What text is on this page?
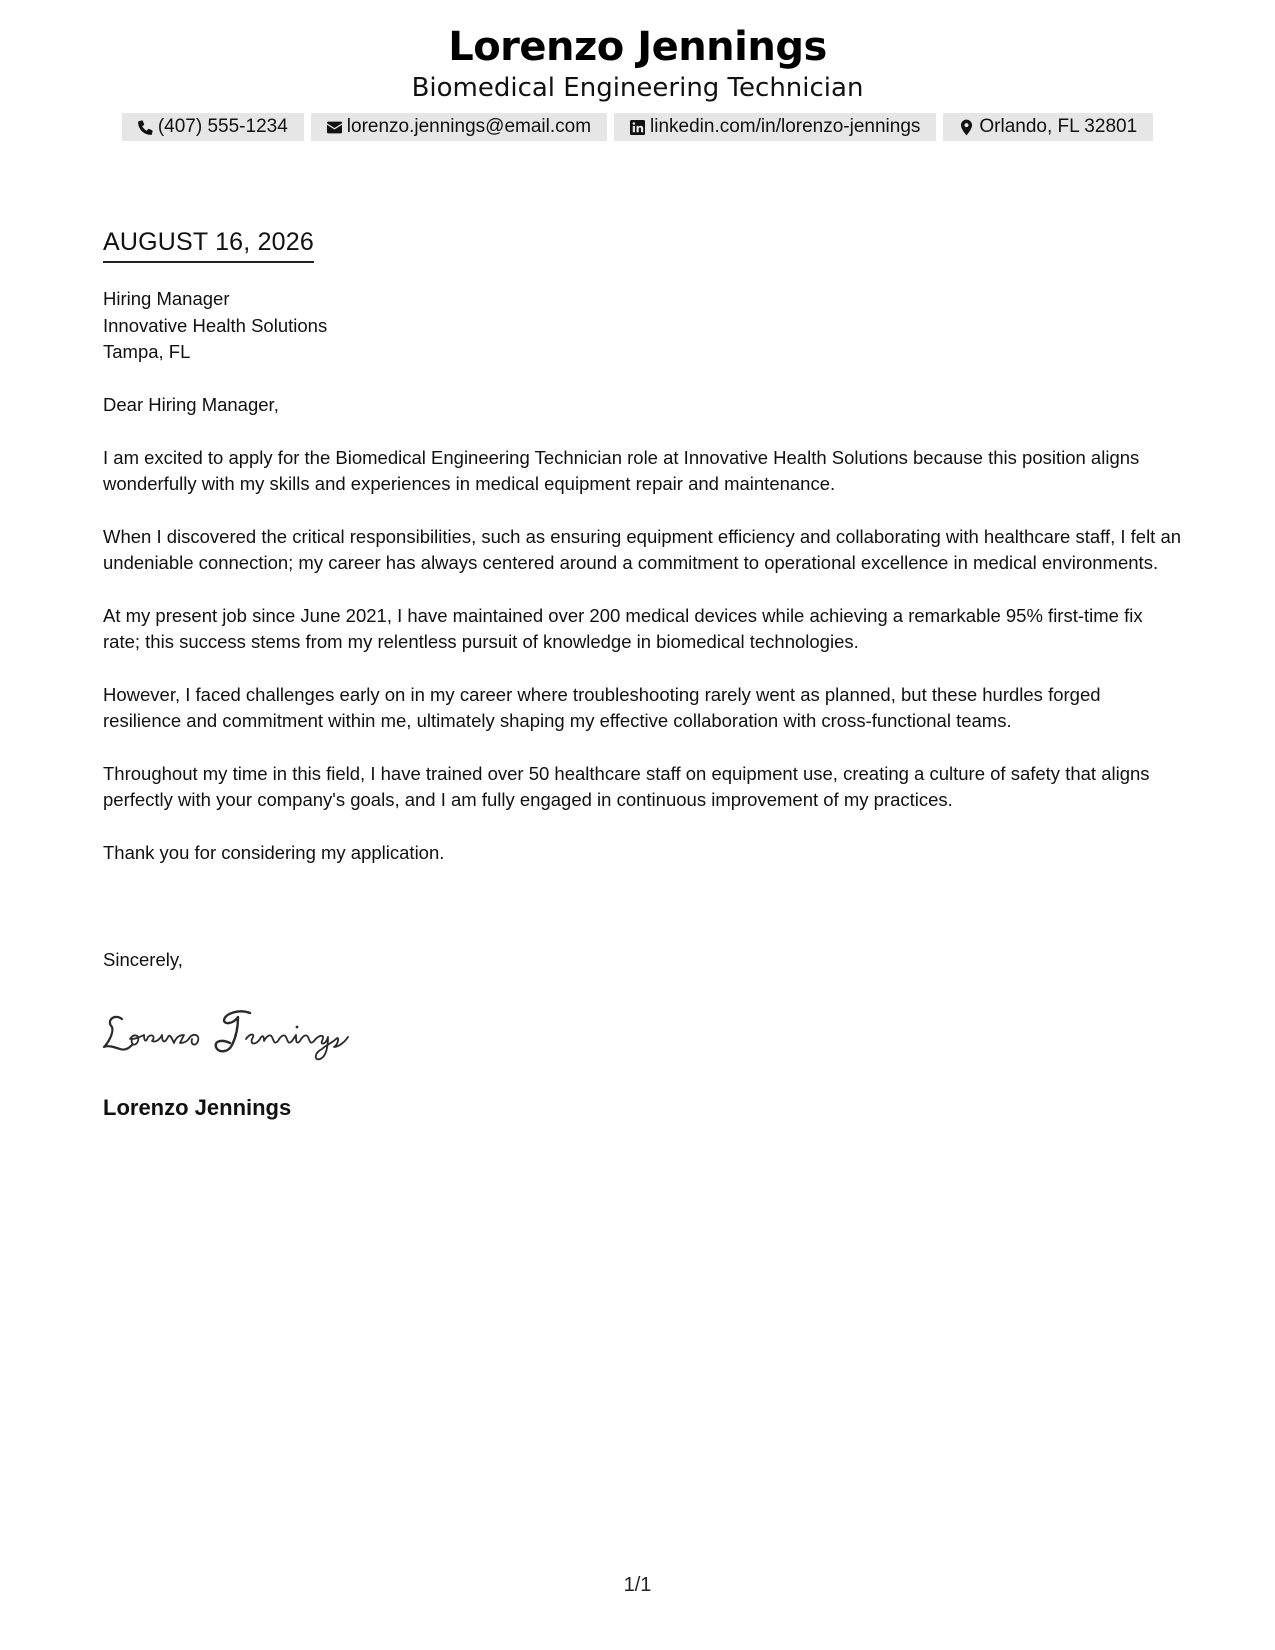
Lorenzo Jennings
Biomedical Engineering Technician
(407) 555-1234	lorenzo.jennings@email.com	linkedin.com/in/lorenzo-jennings	Orlando, FL 32801
AUGUST 16, 2026
Hiring Manager
Innovative Health Solutions
Tampa, FL

Dear Hiring Manager,

I am excited to apply for the Biomedical Engineering Technician role at Innovative Health Solutions because this position aligns wonderfully with my skills and experiences in medical equipment repair and maintenance.

When I discovered the critical responsibilities, such as ensuring equipment efficiency and collaborating with healthcare staff, I felt an undeniable connection; my career has always centered around a commitment to operational excellence in medical environments.

At my present job since June 2021, I have maintained over 200 medical devices while achieving a remarkable 95% first-time fix rate; this success stems from my relentless pursuit of knowledge in biomedical technologies.

However, I faced challenges early on in my career where troubleshooting rarely went as planned, but these hurdles forged resilience and commitment within me, ultimately shaping my effective collaboration with cross-functional teams.

Throughout my time in this field, I have trained over 50 healthcare staff on equipment use, creating a culture of safety that aligns perfectly with your company's goals, and I am fully engaged in continuous improvement of my practices.

Thank you for considering my application.

Sincerely,
Lorenzo Jennings
1/1
